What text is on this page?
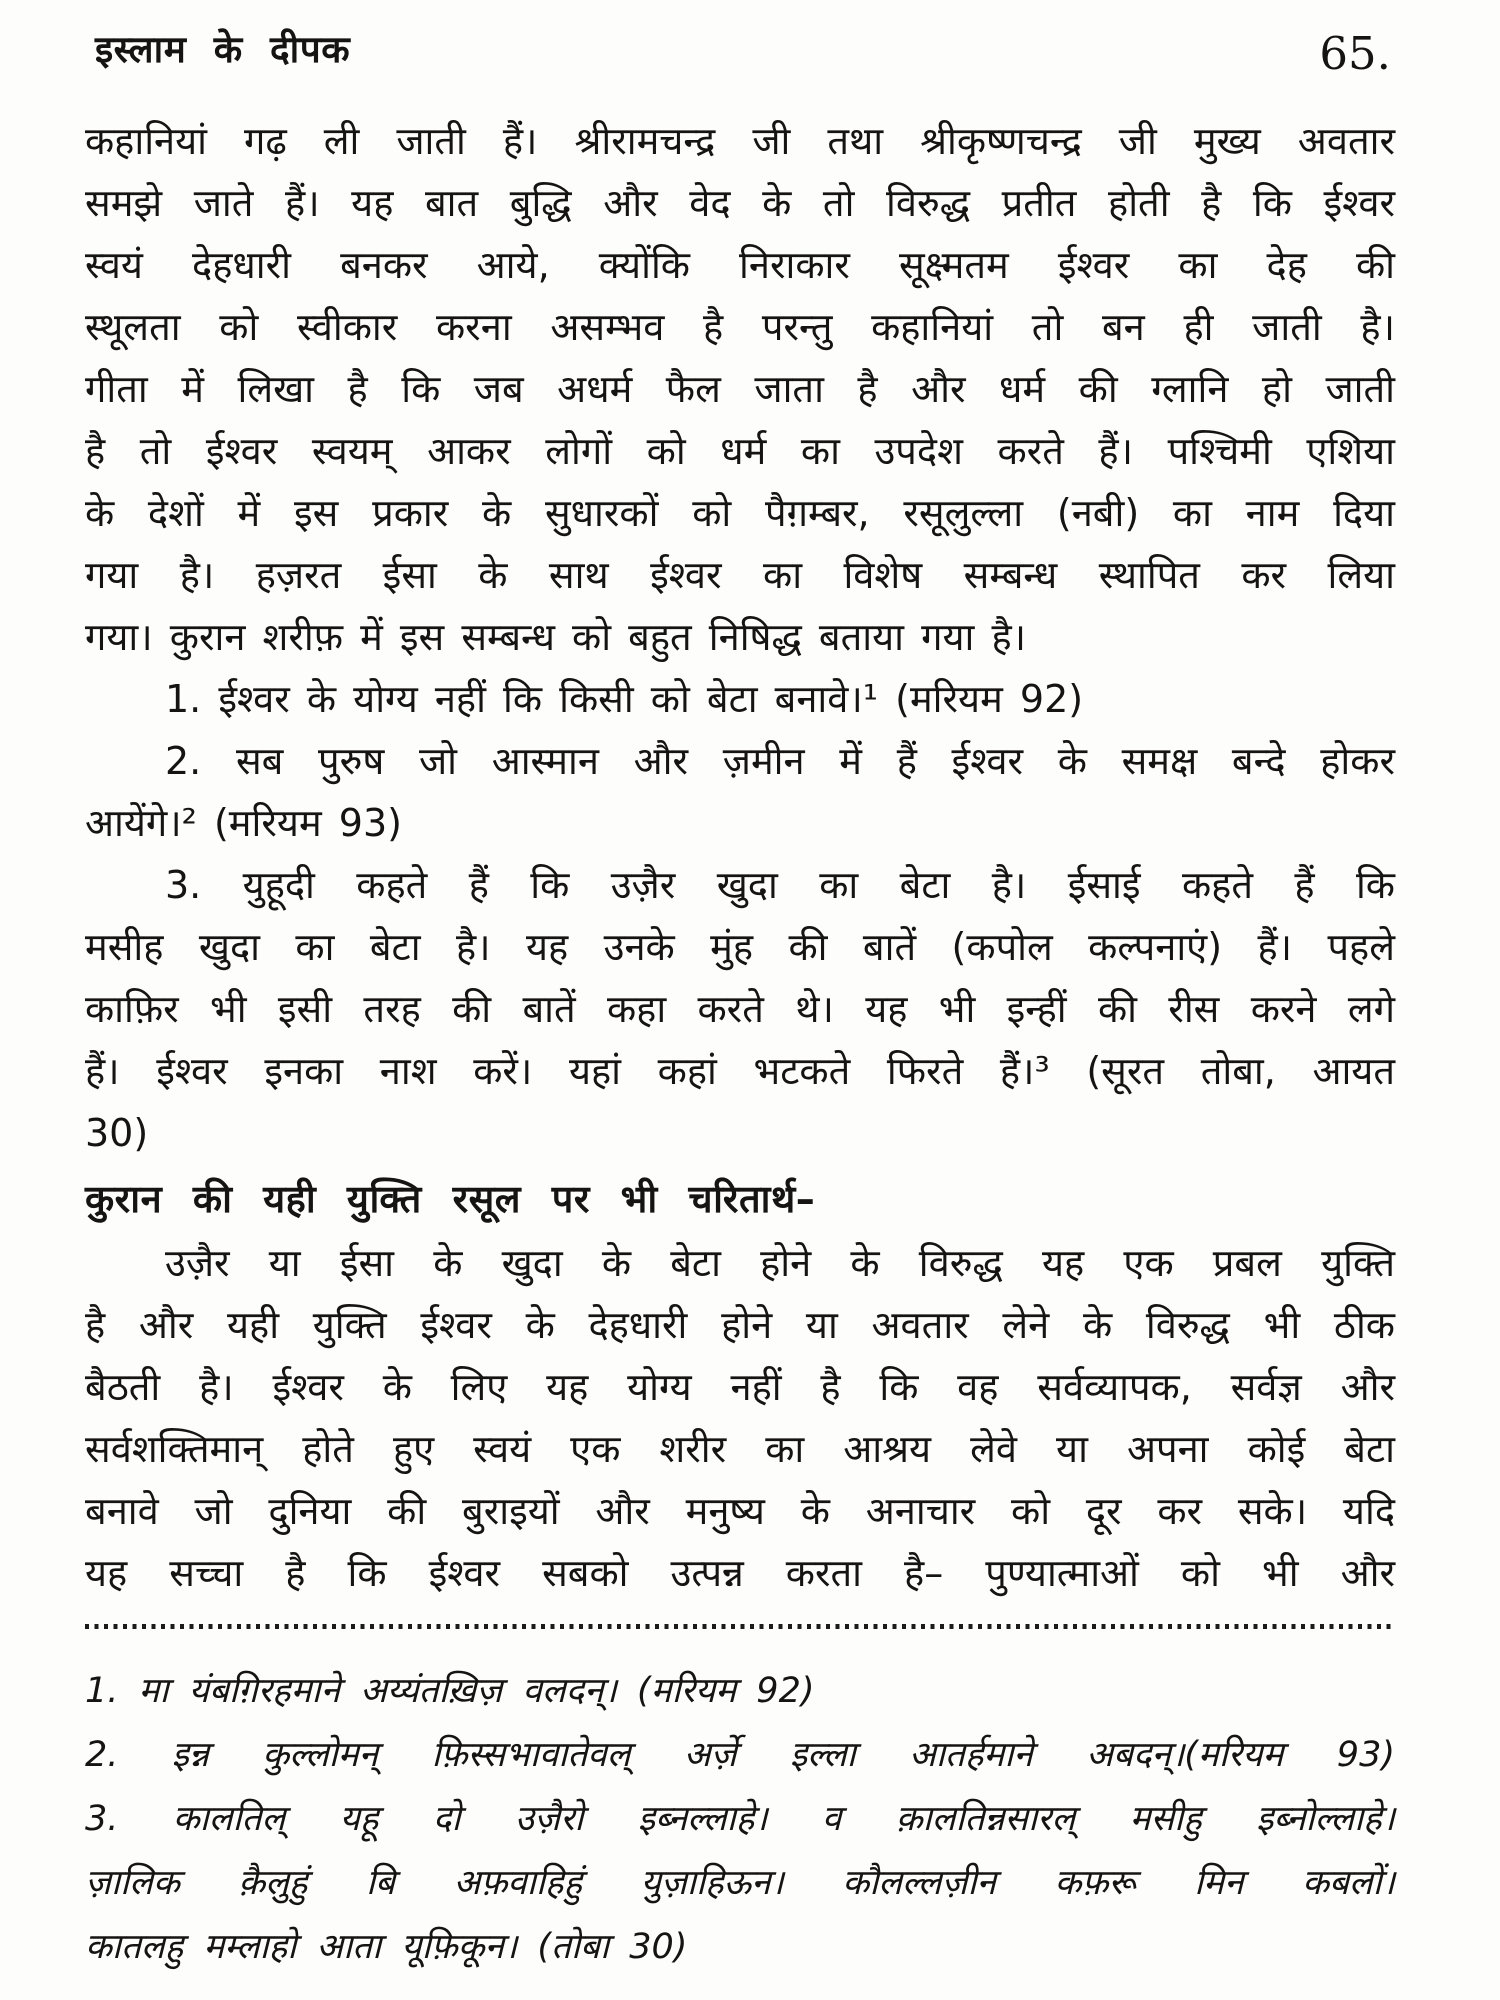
इस्लाम के दीपक	65.
कहानियां गढ़ ली जाती हैं। श्रीरामचन्द्र जी तथा श्रीकृष्णचन्द्र जी मुख्य अवतार
समझे जाते हैं। यह बात बुद्धि और वेद के तो विरुद्ध प्रतीत होती है कि ईश्वर
स्वयं देहधारी बनकर आये, क्योंकि निराकार सूक्ष्मतम ईश्वर का देह की
स्थूलता को स्वीकार करना असम्भव है परन्तु कहानियां तो बन ही जाती है।
गीता में लिखा है कि जब अधर्म फैल जाता है और धर्म की ग्लानि हो जाती
है तो ईश्वर स्वयम् आकर लोगों को धर्म का उपदेश करते हैं। पश्चिमी एशिया
के देशों में इस प्रकार के सुधारकों को पैग़म्बर, रसूलुल्ला (नबी) का नाम दिया
गया है। हज़रत ईसा के साथ ईश्वर का विशेष सम्बन्ध स्थापित कर लिया
गया। कुरान शरीफ़ में इस सम्बन्ध को बहुत निषिद्ध बताया गया है।
1. ईश्वर के योग्य नहीं कि किसी को बेटा बनावे।¹ (मरियम 92)
2. सब पुरुष जो आस्मान और ज़मीन में हैं ईश्वर के समक्ष बन्दे होकर
आयेंगे।² (मरियम 93)
3. युहूदी कहते हैं कि उज़ैर खुदा का बेटा है। ईसाई कहते हैं कि
मसीह खुदा का बेटा है। यह उनके मुंह की बातें (कपोल कल्पनाएं) हैं। पहले
काफ़िर भी इसी तरह की बातें कहा करते थे। यह भी इन्हीं की रीस करने लगे
हैं। ईश्वर इनका नाश करें। यहां कहां भटकते फिरते हैं।³ (सूरत तोबा, आयत
30)
कुरान की यही युक्ति रसूल पर भी चरितार्थ–
उज़ैर या ईसा के खुदा के बेटा होने के विरुद्ध यह एक प्रबल युक्ति
है और यही युक्ति ईश्वर के देहधारी होने या अवतार लेने के विरुद्ध भी ठीक
बैठती है। ईश्वर के लिए यह योग्य नहीं है कि वह सर्वव्यापक, सर्वज्ञ और
सर्वशक्तिमान् होते हुए स्वयं एक शरीर का आश्रय लेवे या अपना कोई बेटा
बनावे जो दुनिया की बुराइयों और मनुष्य के अनाचार को दूर कर सके। यदि
यह सच्चा है कि ईश्वर सबको उत्पन्न करता है– पुण्यात्माओं को भी और
1. मा यंबग़िरहमाने अय्यंतख़िज़ वलदन्। (मरियम 92)
2. इन्न कुल्लोमन् फ़िस्सभावातेवल् अर्ज़े इल्ला आतर्हमाने अबदन्।(मरियम 93)
3. कालतिल् यहू दो उज़ैरो इब्नल्लाहे। व क़ालतिन्नसारल् मसीहु इब्नोल्लाहे।
ज़ालिक क़ैलुहुं बि अफ़वाहिहुं युज़ाहिऊन। कौलल्लज़ीन कफ़रू मिन कबलों।
कातलहु मम्लाहो आता यूफ़िकून। (तोबा 30)
